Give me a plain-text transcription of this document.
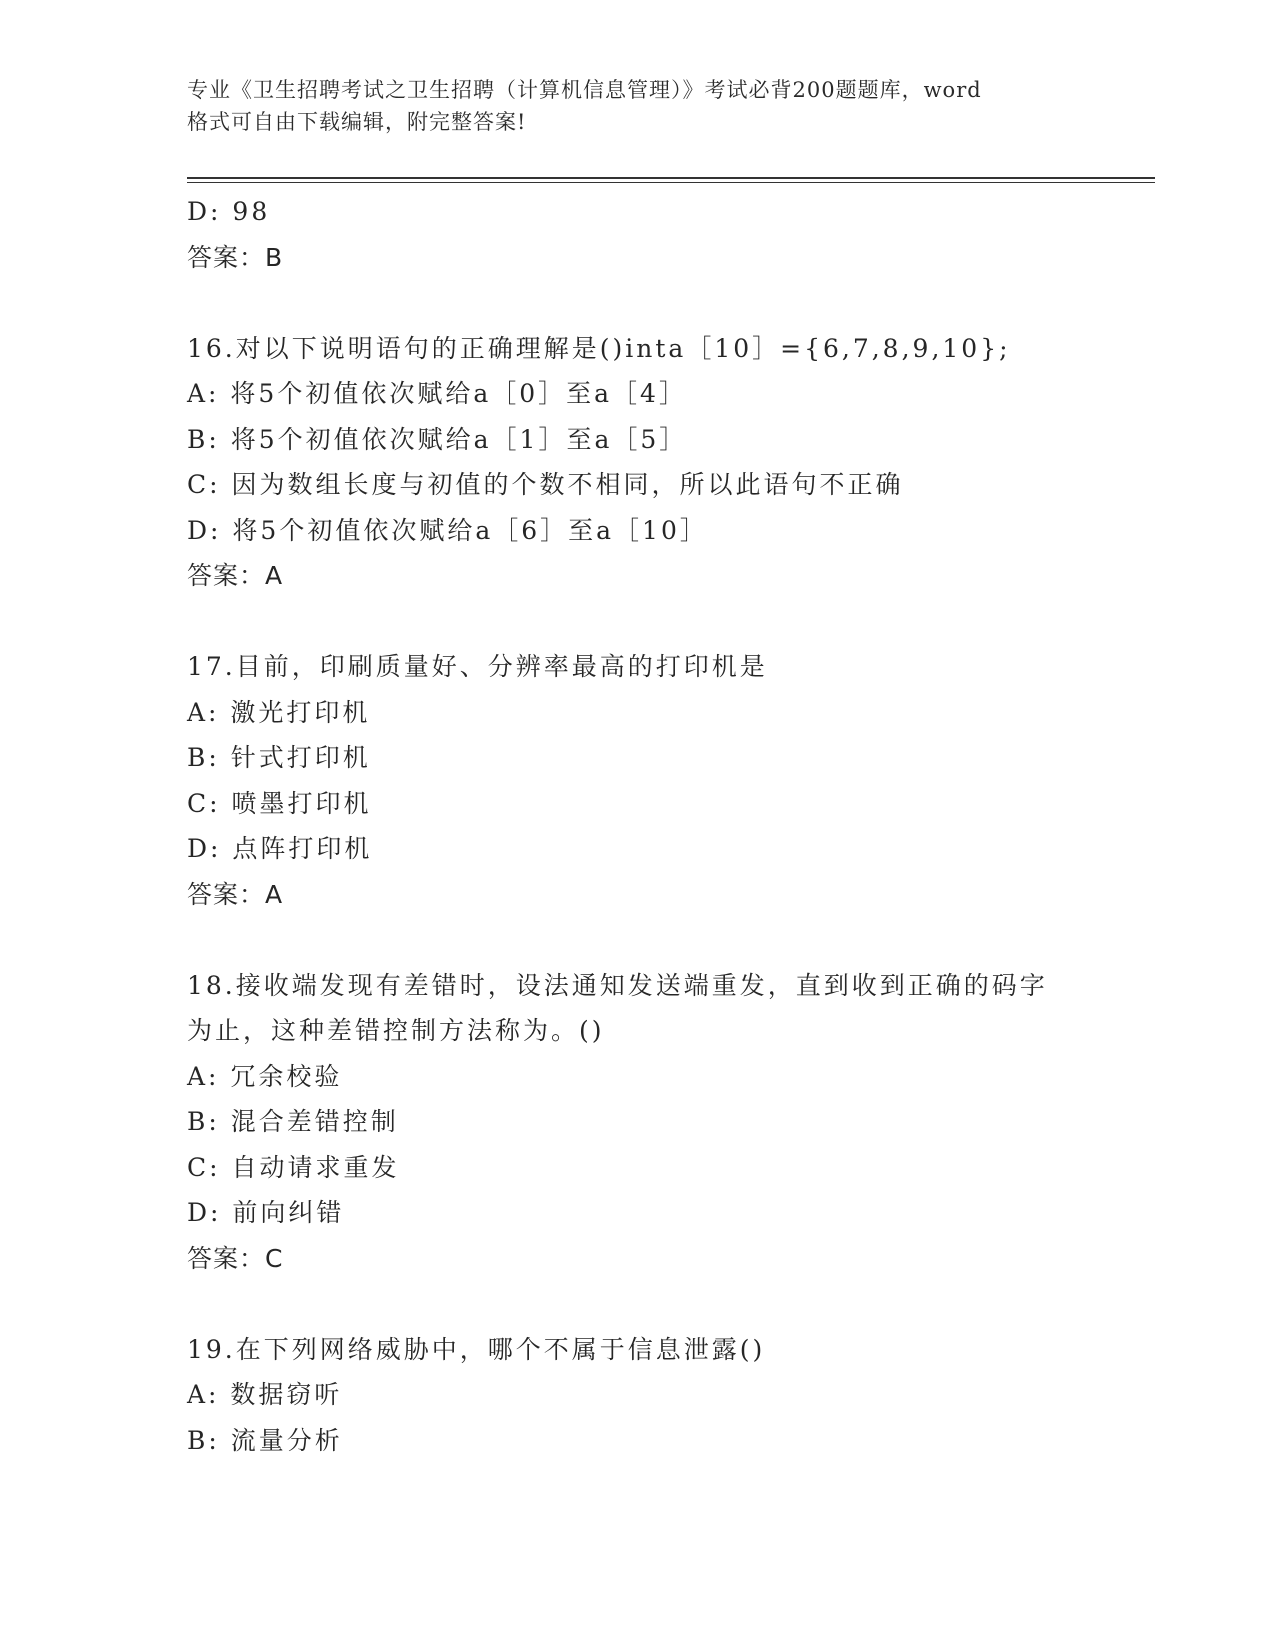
专业《卫生招聘考试之卫生招聘（计算机信息管理）》考试必背200题题库，word
格式可自由下载编辑，附完整答案!
D: 98
答案：B
16.对以下说明语句的正确理解是()inta［10］={6,7,8,9,10};
A: 将5个初值依次赋给a［0］至a［4］
B: 将5个初值依次赋给a［1］至a［5］
C: 因为数组长度与初值的个数不相同，所以此语句不正确
D: 将5个初值依次赋给a［6］至a［10］
答案：A
17.目前，印刷质量好、分辨率最高的打印机是
A: 激光打印机
B: 针式打印机
C: 喷墨打印机
D: 点阵打印机
答案：A
18.接收端发现有差错时，设法通知发送端重发，直到收到正确的码字
为止，这种差错控制方法称为。()
A: 冗余校验
B: 混合差错控制
C: 自动请求重发
D: 前向纠错
答案：C
19.在下列网络威胁中，哪个不属于信息泄露()
A: 数据窃听
B: 流量分析
